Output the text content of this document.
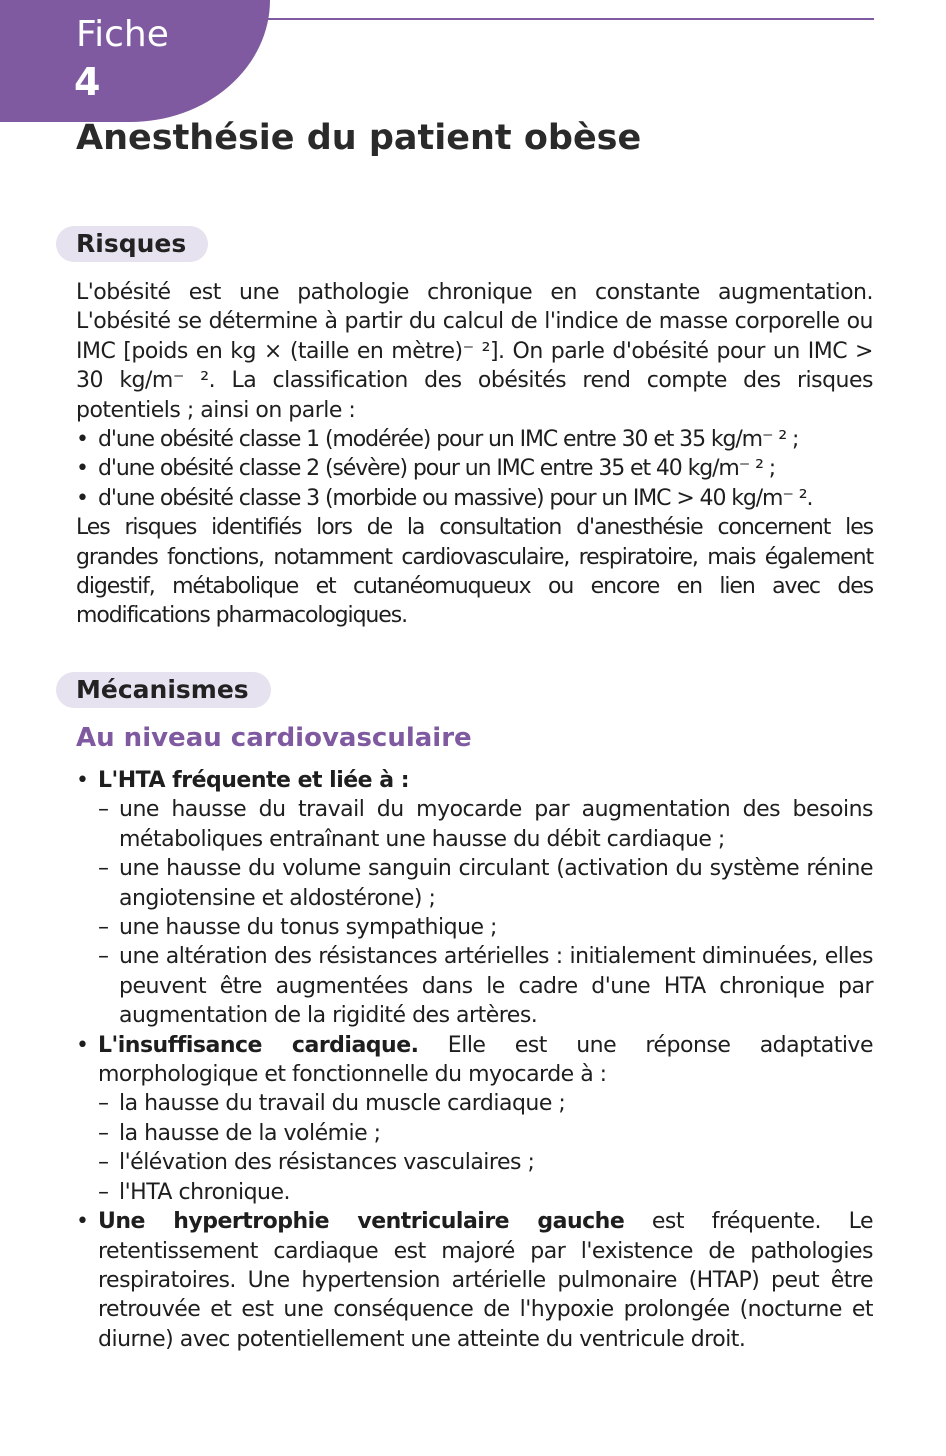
Fiche
4
Anesthésie du patient obèse
Risques

L'obésité est une pathologie chronique en constante augmentation. L'obésité se détermine à partir du calcul de l'indice de masse corporelle ou IMC [poids en kg × (taille en mètre)⁻ ²]. On parle d'obésité pour un IMC > 30 kg/m⁻ ². La classification des obésités rend compte des risques potentiels ; ainsi on parle :

• d'une obésité classe 1 (modérée) pour un IMC entre 30 et 35 kg/m⁻ ² ;
• d'une obésité classe 2 (sévère) pour un IMC entre 35 et 40 kg/m⁻ ² ;
• d'une obésité classe 3 (morbide ou massive) pour un IMC > 40 kg/m⁻ ².

Les risques identifiés lors de la consultation d'anesthésie concernent les grandes fonctions, notamment cardiovasculaire, respiratoire, mais également digestif, métabolique et cutanéomuqueux ou encore en lien avec des modifications pharmacologiques.

Mécanismes
Au niveau cardiovasculaire
• L'HTA fréquente et liée à :
– une hausse du travail du myocarde par augmentation des besoins métaboliques entraînant une hausse du débit cardiaque ;
– une hausse du volume sanguin circulant (activation du système rénine angiotensine et aldostérone) ;
– une hausse du tonus sympathique ;
– une altération des résistances artérielles : initialement diminuées, elles peuvent être augmentées dans le cadre d'une HTA chronique par augmentation de la rigidité des artères.
• L'insuffisance cardiaque. Elle est une réponse adaptative morphologique et fonctionnelle du myocarde à :
– la hausse du travail du muscle cardiaque ;
– la hausse de la volémie ;
– l'élévation des résistances vasculaires ;
– l'HTA chronique.
• Une hypertrophie ventriculaire gauche est fréquente. Le retentissement cardiaque est majoré par l'existence de pathologies respiratoires. Une hypertension artérielle pulmonaire (HTAP) peut être retrouvée et est une conséquence de l'hypoxie prolongée (nocturne et diurne) avec potentiellement une atteinte du ventricule droit.
